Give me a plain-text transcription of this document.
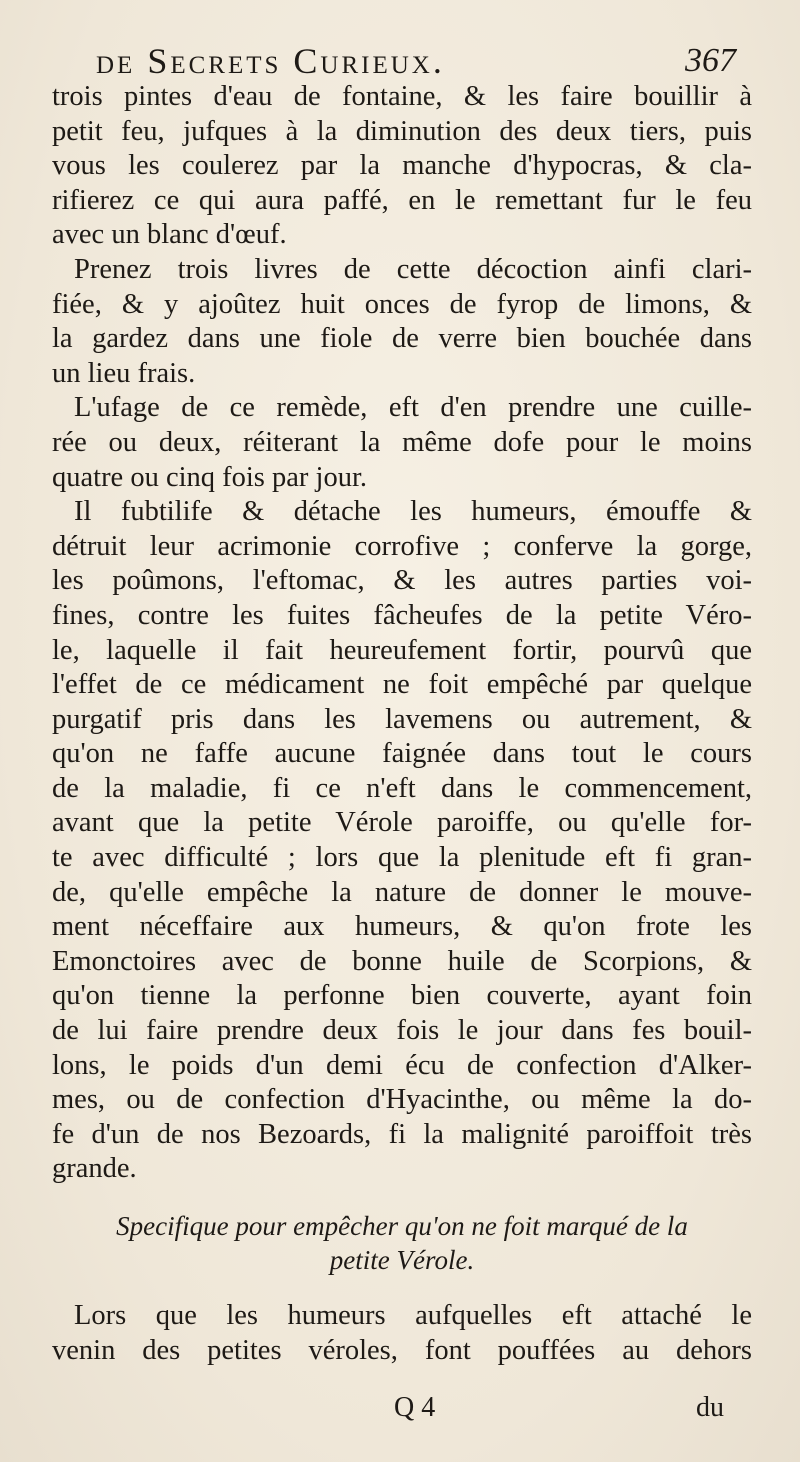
de Secrets Curieux.	367
trois pintes d'eau de fontaine, & les faire bouillir à
petit feu, jufques à la diminution des deux tiers, puis
vous les coulerez par la manche d'hypocras, & cla-
rifierez ce qui aura paffé, en le remettant fur le feu
avec un blanc d'œuf.
Prenez trois livres de cette décoction ainfi clari-
fiée, & y ajoûtez huit onces de fyrop de limons, &
la gardez dans une fiole de verre bien bouchée dans
un lieu frais.
L'ufage de ce remède, eft d'en prendre une cuille-
rée ou deux, réiterant la même dofe pour le moins
quatre ou cinq fois par jour.
Il fubtilife & détache les humeurs, émouffe &
détruit leur acrimonie corrofive ; conferve la gorge,
les poûmons, l'eftomac, & les autres parties voi-
fines, contre les fuites fâcheufes de la petite Véro-
le, laquelle il fait heureufement fortir, pourvû que
l'effet de ce médicament ne foit empêché par quelque
purgatif pris dans les lavemens ou autrement, &
qu'on ne faffe aucune faignée dans tout le cours
de la maladie, fi ce n'eft dans le commencement,
avant que la petite Vérole paroiffe, ou qu'elle for-
te avec difficulté ; lors que la plenitude eft fi gran-
de, qu'elle empêche la nature de donner le mouve-
ment néceffaire aux humeurs, & qu'on frote les
Emonctoires avec de bonne huile de Scorpions, &
qu'on tienne la perfonne bien couverte, ayant foin
de lui faire prendre deux fois le jour dans fes bouil-
lons, le poids d'un demi écu de confection d'Alker-
mes, ou de confection d'Hyacinthe, ou même la do-
fe d'un de nos Bezoards, fi la malignité paroiffoit très
grande.
Specifique pour empêcher qu'on ne foit marqué de la
petite Vérole.
Lors que les humeurs aufquelles eft attaché le
venin des petites véroles, font pouffées au dehors
Q 4	du
